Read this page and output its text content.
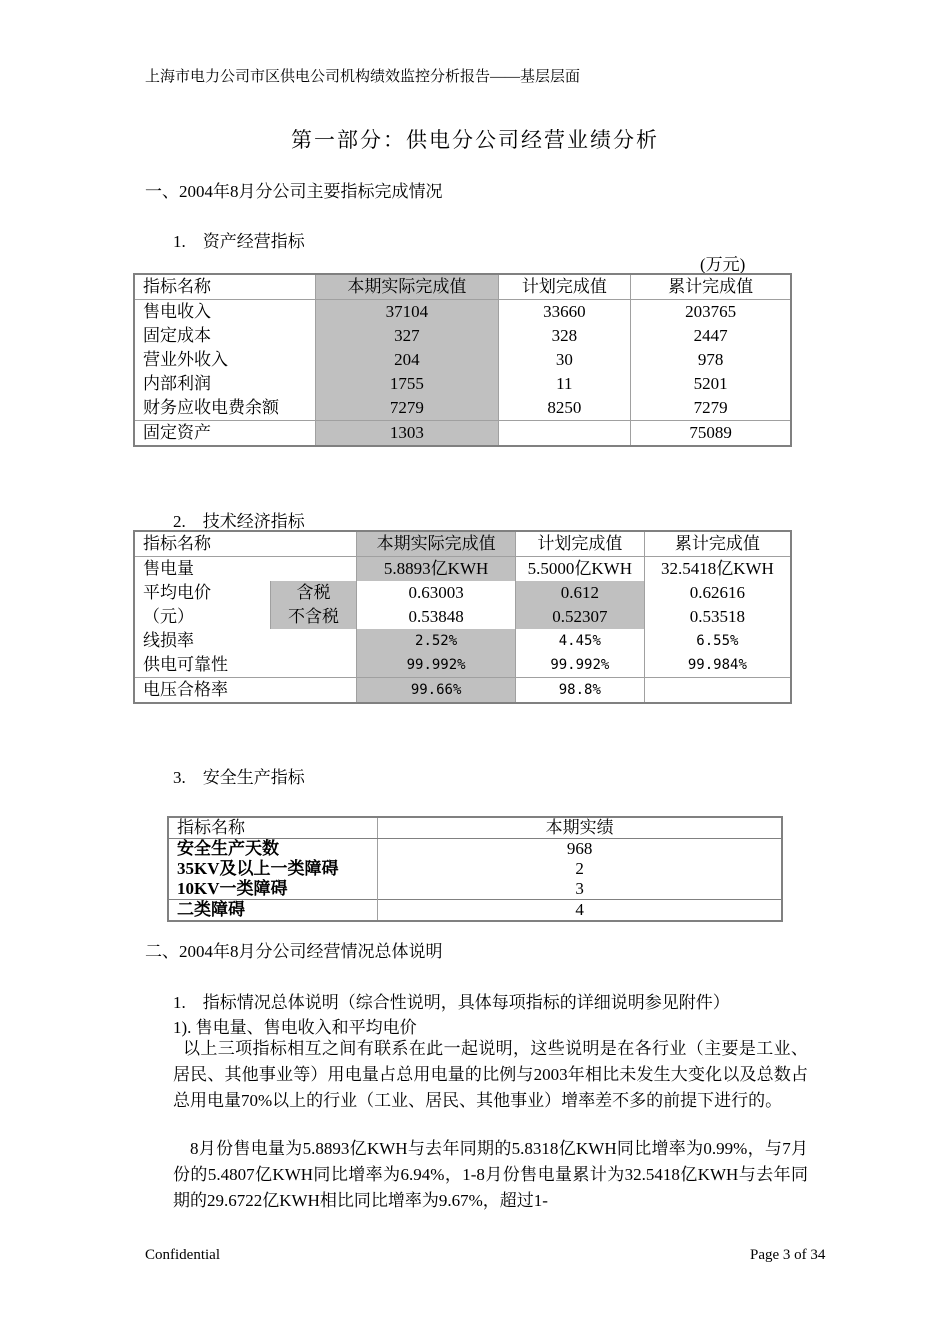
上海市电力公司市区供电公司机构绩效监控分析报告——基层层面
第一部分：供电分公司经营业绩分析
一、2004年8月分公司主要指标完成情况
1.　资产经营指标
(万元)
指标名称	本期实际完成值	计划完成值	累计完成值
售电收入	37104	33660	203765
固定成本	327	328	2447
营业外收入	204	30	978
内部利润	1755	11	5201
财务应收电费余额	7279	8250	7279
固定资产	1303		75089
2.　技术经济指标
指标名称		本期实际完成值	计划完成值	累计完成值
售电量		5.8893亿KWH	5.5000亿KWH	32.5418亿KWH
平均电价	含税	0.63003	0.612	0.62616
（元）	不含税	0.53848	0.52307	0.53518
线损率		2.52%	4.45%	6.55%
供电可靠性		99.992%	99.992%	99.984%
电压合格率		99.66%	98.8%	
3.　安全生产指标
指标名称	本期实绩
安全生产天数	968
35KV及以上一类障碍	2
10KV一类障碍	3
二类障碍	4
二、2004年8月分公司经营情况总体说明
1.　指标情况总体说明（综合性说明，具体每项指标的详细说明参见附件）
1). 售电量、售电收入和平均电价
以上三项指标相互之间有联系在此一起说明，这些说明是在各行业（主要是工业、居民、其他事业等）用电量占总用电量的比例与2003年相比未发生大变化以及总数占总用电量70%以上的行业（工业、居民、其他事业）增率差不多的前提下进行的。
8月份售电量为5.8893亿KWH与去年同期的5.8318亿KWH同比增率为0.99%，与7月份的5.4807亿KWH同比增率为6.94%，1-8月份售电量累计为32.5418亿KWH与去年同期的29.6722亿KWH相比同比增率为9.67%，超过1-
Confidential	Page 3 of 34
